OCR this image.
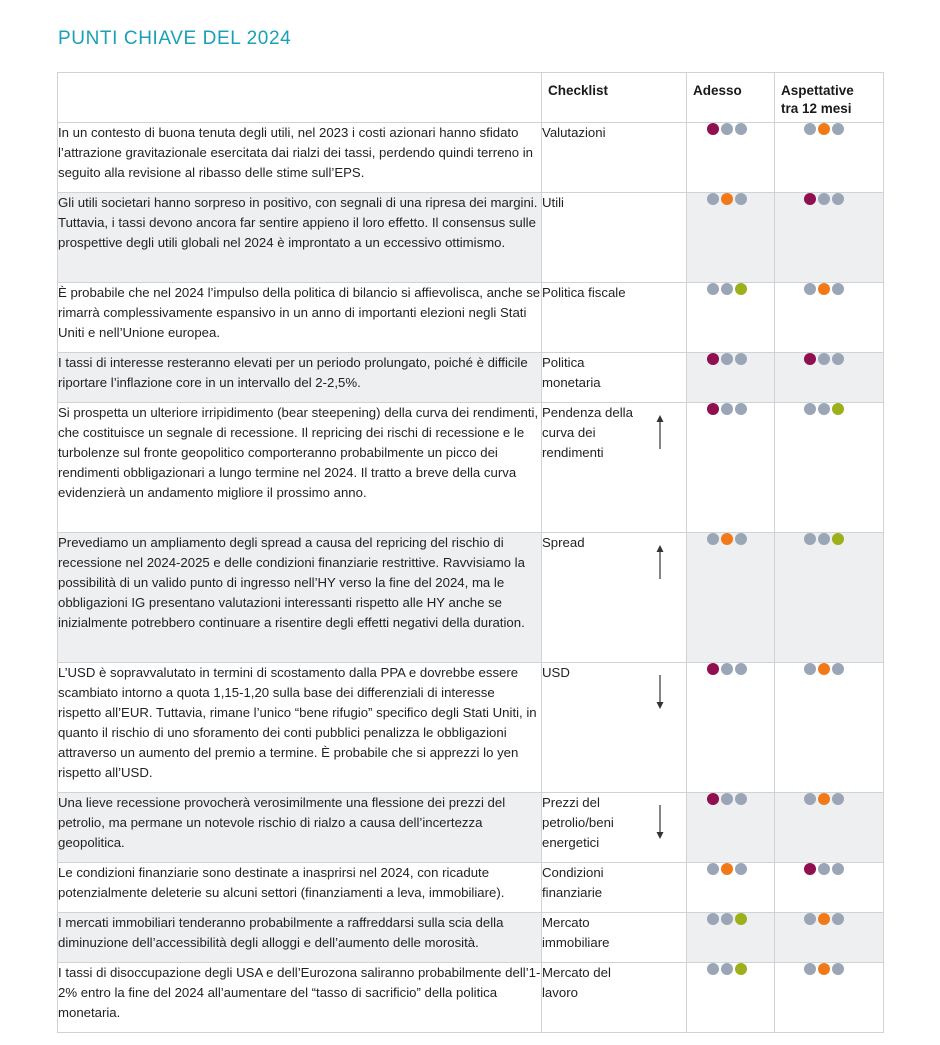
PUNTI CHIAVE DEL 2024
	Checklist	Adesso	Aspettative
tra 12 mesi
In un contesto di buona tenuta degli utili, nel 2023 i costi azionari hanno sfidato l’attrazione gravitazionale esercitata dai rialzi dei tassi, perdendo quindi terreno in seguito alla revisione al ribasso delle stime sull’EPS.	Valutazioni		

Gli utili societari hanno sorpreso in positivo, con segnali di una ripresa dei margini. Tuttavia, i tassi devono ancora far sentire appieno il loro effetto. Il consensus sulle prospettive degli utili globali nel 2024 è improntato a un eccessivo ottimismo.	Utili		

È probabile che nel 2024 l’impulso della politica di bilancio si affievolisca, anche se rimarrà complessivamente espansivo in un anno di importanti elezioni negli Stati Uniti e nell’Unione europea.	Politica fiscale		

I tassi di interesse resteranno elevati per un periodo prolungato, poiché è difficile riportare l’inflazione core in un intervallo del 2-2,5%.	Politica monetaria		

Si prospetta un ulteriore irripidimento (bear steepening) della curva dei rendimenti, che costituisce un segnale di recessione. Il repricing dei rischi di recessione e le turbolenze sul fronte geopolitico comporteranno probabilmente un picco dei rendimenti obbligazionari a lungo termine nel 2024. Il tratto a breve della curva evidenzierà un andamento migliore il prossimo anno.	Pendenza della curva dei rendimenti		

Prevediamo un ampliamento degli spread a causa del repricing del rischio di recessione nel 2024-2025 e delle condizioni finanziarie restrittive. Ravvisiamo la possibilità di un valido punto di ingresso nell’HY verso la fine del 2024, ma le obbligazioni IG presentano valutazioni interessanti rispetto alle HY anche se inizialmente potrebbero continuare a risentire degli effetti negativi della duration.	Spread		

L’USD è sopravvalutato in termini di scostamento dalla PPA e dovrebbe essere scambiato intorno a quota 1,15-1,20 sulla base dei differenziali di interesse rispetto all’EUR. Tuttavia, rimane l’unico “bene rifugio” specifico degli Stati Uniti, in quanto il rischio di uno sforamento dei conti pubblici penalizza le obbligazioni attraverso un aumento del premio a termine. È probabile che si apprezzi lo yen rispetto all’USD.	USD		

Una lieve recessione provocherà verosimilmente una flessione dei prezzi del petrolio, ma permane un notevole rischio di rialzo a causa dell’incertezza geopolitica.	Prezzi del petrolio/beni energetici		

Le condizioni finanziarie sono destinate a inasprirsi nel 2024, con ricadute potenzialmente deleterie su alcuni settori (finanziamenti a leva, immobiliare).	Condizioni finanziarie		

I mercati immobiliari tenderanno probabilmente a raffreddarsi sulla scia della diminuzione dell’accessibilità degli alloggi e dell’aumento delle morosità.	Mercato immobiliare		

I tassi di disoccupazione degli USA e dell’Eurozona saliranno probabilmente dell’1-2% entro la fine del 2024 all’aumentare del “tasso di sacrificio” della politica monetaria.	Mercato del lavoro		
